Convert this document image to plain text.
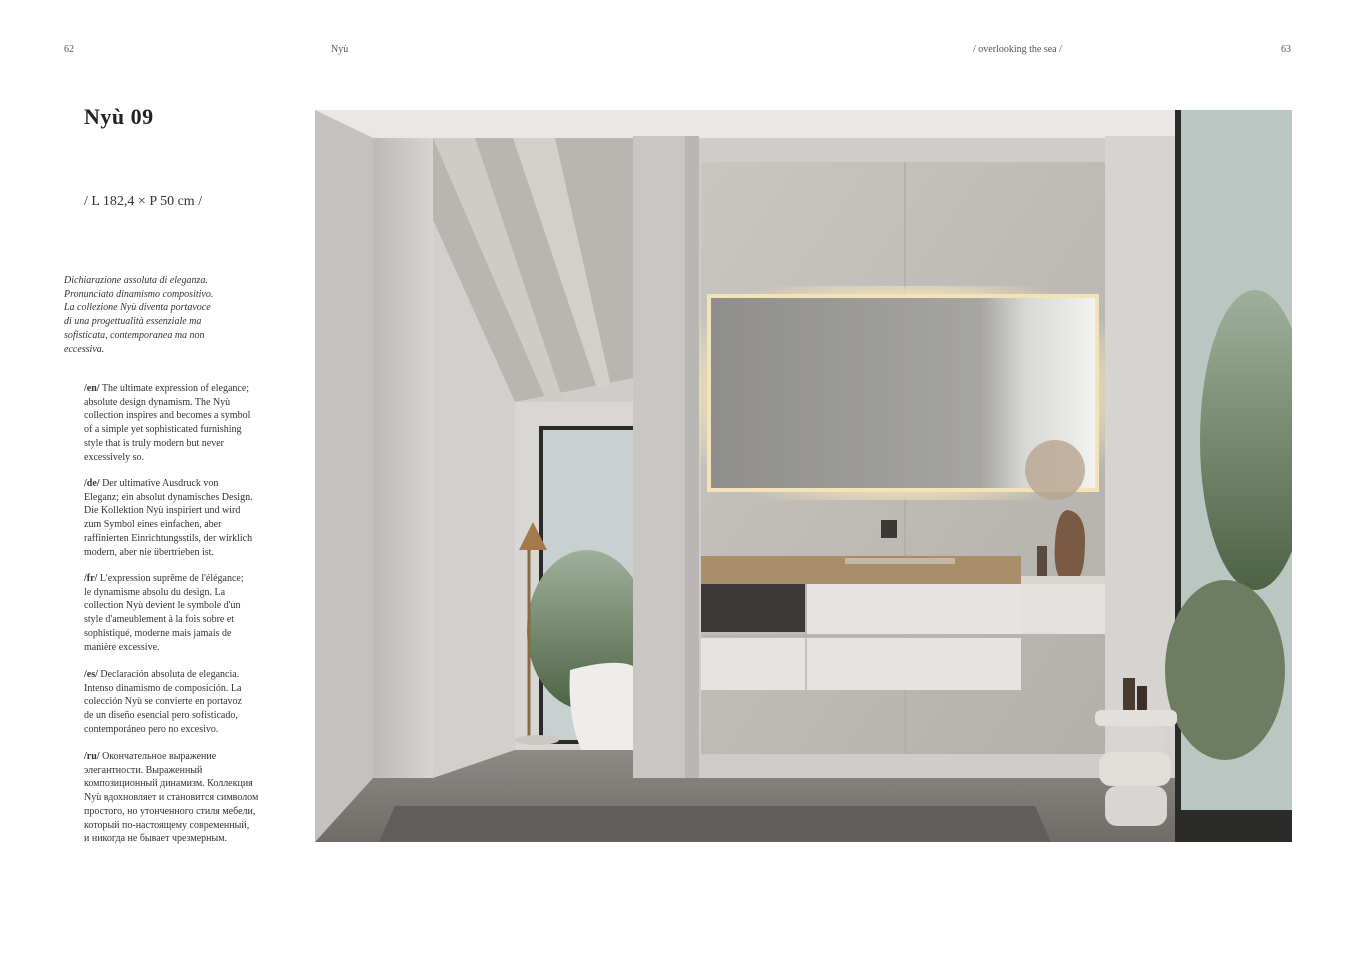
62	Nyù	/ overlooking the sea /	63
Nyù 09
/ L 182,4 × P 50 cm /
Dichiarazione assoluta di eleganza.
Pronunciato dinamismo compositivo.
La collezione Nyù diventa portavoce
di una progettualità essenziale ma
sofisticata, contemporanea ma non
eccessiva.
/en/ The ultimate expression of elegance;
absolute design dynamism. The Nyù
collection inspires and becomes a symbol
of a simple yet sophisticated furnishing
style that is truly modern but never
excessively so.
/de/ Der ultimative Ausdruck von
Eleganz; ein absolut dynamisches Design.
Die Kollektion Nyù inspiriert und wird
zum Symbol eines einfachen, aber
raffinierten Einrichtungsstils, der wirklich
modern, aber nie übertrieben ist.
/fr/ L'expression suprême de l'élégance;
le dynamisme absolu du design. La
collection Nyù devient le symbole d'un
style d'ameublement à la fois sobre et
sophistiqué, moderne mais jamais de
manière excessive.
/es/ Declaración absoluta de elegancia.
Intenso dinamismo de composición. La
colección Nyù se convierte en portavoz
de un diseño esencial pero sofisticado,
contemporáneo pero no excesivo.
/ru/ Окончательное выражение
элегантности. Выраженный
композиционный динамизм. Коллекция
Nyù вдохновляет и становится символом
простого, но утонченного стиля мебели,
который по-настоящему современный,
и никогда не бывает чрезмерным.
